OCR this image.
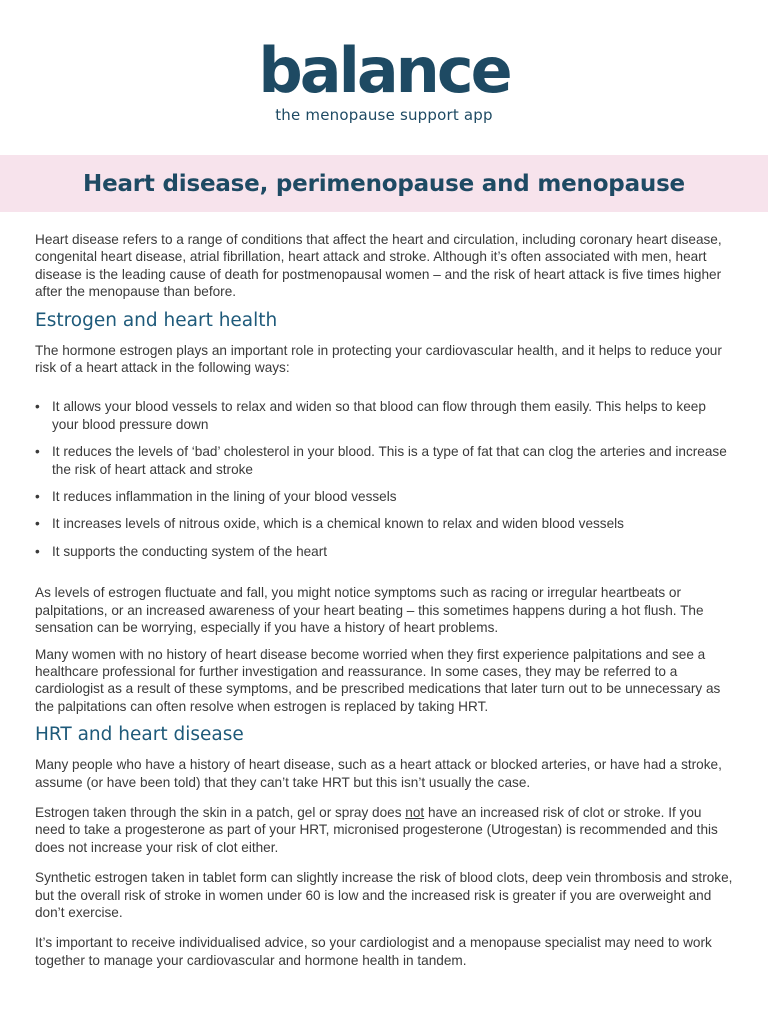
balance
the menopause support app
Heart disease, perimenopause and menopause

Heart disease refers to a range of conditions that affect the heart and circulation, including coronary heart disease, congenital heart disease, atrial fibrillation, heart attack and stroke. Although it’s often associated with men, heart disease is the leading cause of death for postmenopausal women – and the risk of heart attack is five times higher after the menopause than before.

Estrogen and heart health

The hormone estrogen plays an important role in protecting your cardiovascular health, and it helps to reduce your risk of a heart attack in the following ways:

• It allows your blood vessels to relax and widen so that blood can flow through them easily. This helps to keep your blood pressure down
• It reduces the levels of ‘bad’ cholesterol in your blood. This is a type of fat that can clog the arteries and increase the risk of heart attack and stroke
• It reduces inflammation in the lining of your blood vessels
• It increases levels of nitrous oxide, which is a chemical known to relax and widen blood vessels
• It supports the conducting system of the heart

As levels of estrogen fluctuate and fall, you might notice symptoms such as racing or irregular heartbeats or palpitations, or an increased awareness of your heart beating – this sometimes happens during a hot flush. The sensation can be worrying, especially if you have a history of heart problems.

Many women with no history of heart disease become worried when they first experience palpitations and see a healthcare professional for further investigation and reassurance. In some cases, they may be referred to a cardiologist as a result of these symptoms, and be prescribed medications that later turn out to be unnecessary as the palpitations can often resolve when estrogen is replaced by taking HRT.

HRT and heart disease

Many people who have a history of heart disease, such as a heart attack or blocked arteries, or have had a stroke, assume (or have been told) that they can’t take HRT but this isn’t usually the case.

Estrogen taken through the skin in a patch, gel or spray does not have an increased risk of clot or stroke. If you need to take a progesterone as part of your HRT, micronised progesterone (Utrogestan) is recommended and this does not increase your risk of clot either.

Synthetic estrogen taken in tablet form can slightly increase the risk of blood clots, deep vein thrombosis and stroke, but the overall risk of stroke in women under 60 is low and the increased risk is greater if you are overweight and don’t exercise.

It’s important to receive individualised advice, so your cardiologist and a menopause specialist may need to work together to manage your cardiovascular and hormone health in tandem.
